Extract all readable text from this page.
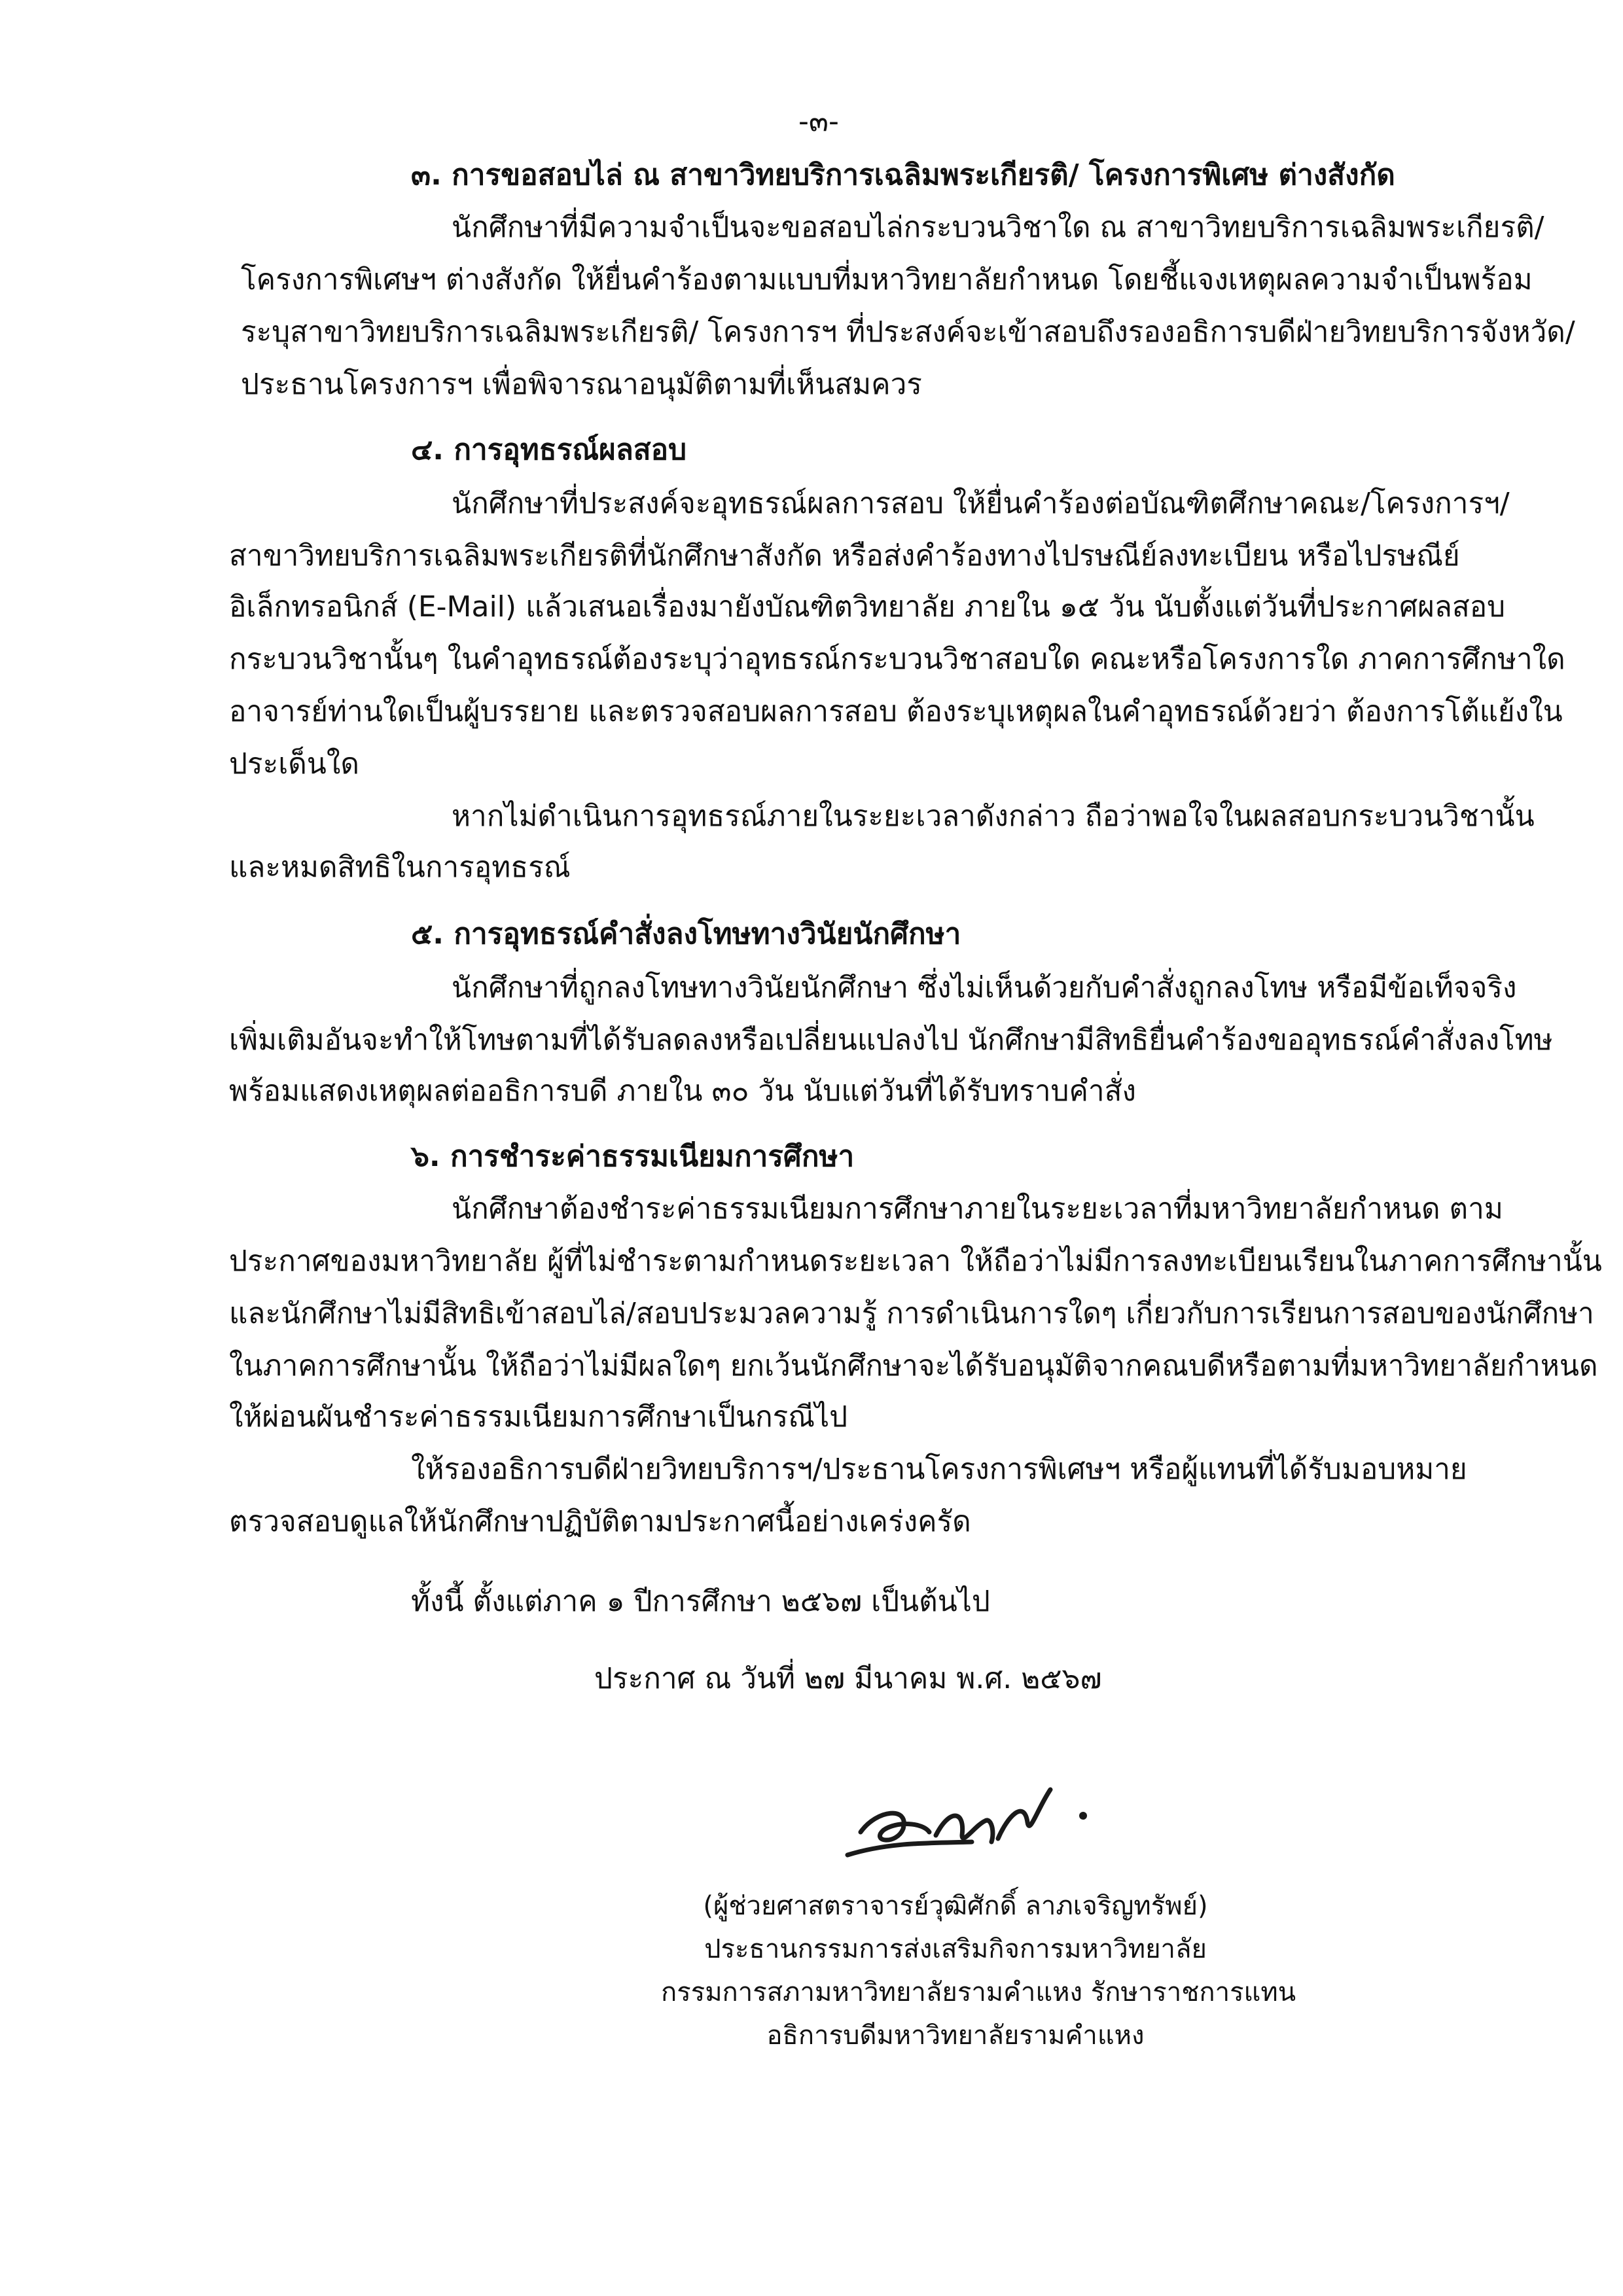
-๓-
๓. การขอสอบไล่ ณ สาขาวิทยบริการเฉลิมพระเกียรติ/ โครงการพิเศษ ต่างสังกัด
นักศึกษาที่มีความจำเป็นจะขอสอบไล่กระบวนวิชาใด ณ สาขาวิทยบริการเฉลิมพระเกียรติ/
โครงการพิเศษฯ ต่างสังกัด ให้ยื่นคำร้องตามแบบที่มหาวิทยาลัยกำหนด โดยชี้แจงเหตุผลความจำเป็นพร้อม
ระบุสาขาวิทยบริการเฉลิมพระเกียรติ/ โครงการฯ ที่ประสงค์จะเข้าสอบถึงรองอธิการบดีฝ่ายวิทยบริการจังหวัด/
ประธานโครงการฯ เพื่อพิจารณาอนุมัติตามที่เห็นสมควร
๔. การอุทธรณ์ผลสอบ
นักศึกษาที่ประสงค์จะอุทธรณ์ผลการสอบ ให้ยื่นคำร้องต่อบัณฑิตศึกษาคณะ/โครงการฯ/
สาขาวิทยบริการเฉลิมพระเกียรติที่นักศึกษาสังกัด หรือส่งคำร้องทางไปรษณีย์ลงทะเบียน หรือไปรษณีย์
อิเล็กทรอนิกส์ (E-Mail) แล้วเสนอเรื่องมายังบัณฑิตวิทยาลัย ภายใน ๑๕ วัน นับตั้งแต่วันที่ประกาศผลสอบ
กระบวนวิชานั้นๆ ในคำอุทธรณ์ต้องระบุว่าอุทธรณ์กระบวนวิชาสอบใด คณะหรือโครงการใด ภาคการศึกษาใด
อาจารย์ท่านใดเป็นผู้บรรยาย และตรวจสอบผลการสอบ ต้องระบุเหตุผลในคำอุทธรณ์ด้วยว่า ต้องการโต้แย้งใน
ประเด็นใด
หากไม่ดำเนินการอุทธรณ์ภายในระยะเวลาดังกล่าว ถือว่าพอใจในผลสอบกระบวนวิชานั้น
และหมดสิทธิในการอุทธรณ์
๕. การอุทธรณ์คำสั่งลงโทษทางวินัยนักศึกษา
นักศึกษาที่ถูกลงโทษทางวินัยนักศึกษา ซึ่งไม่เห็นด้วยกับคำสั่งถูกลงโทษ หรือมีข้อเท็จจริง
เพิ่มเติมอันจะทำให้โทษตามที่ได้รับลดลงหรือเปลี่ยนแปลงไป นักศึกษามีสิทธิยื่นคำร้องขออุทธรณ์คำสั่งลงโทษ
พร้อมแสดงเหตุผลต่ออธิการบดี ภายใน ๓๐ วัน นับแต่วันที่ได้รับทราบคำสั่ง
๖. การชำระค่าธรรมเนียมการศึกษา
นักศึกษาต้องชำระค่าธรรมเนียมการศึกษาภายในระยะเวลาที่มหาวิทยาลัยกำหนด ตาม
ประกาศของมหาวิทยาลัย ผู้ที่ไม่ชำระตามกำหนดระยะเวลา ให้ถือว่าไม่มีการลงทะเบียนเรียนในภาคการศึกษานั้น
และนักศึกษาไม่มีสิทธิเข้าสอบไล่/สอบประมวลความรู้ การดำเนินการใดๆ เกี่ยวกับการเรียนการสอบของนักศึกษา
ในภาคการศึกษานั้น ให้ถือว่าไม่มีผลใดๆ ยกเว้นนักศึกษาจะได้รับอนุมัติจากคณบดีหรือตามที่มหาวิทยาลัยกำหนด
ให้ผ่อนผันชำระค่าธรรมเนียมการศึกษาเป็นกรณีไป
ให้รองอธิการบดีฝ่ายวิทยบริการฯ/ประธานโครงการพิเศษฯ หรือผู้แทนที่ได้รับมอบหมาย
ตรวจสอบดูแลให้นักศึกษาปฏิบัติตามประกาศนี้อย่างเคร่งครัด
ทั้งนี้ ตั้งแต่ภาค ๑ ปีการศึกษา ๒๕๖๗ เป็นต้นไป
ประกาศ ณ วันที่ ๒๗ มีนาคม พ.ศ. ๒๕๖๗
(ผู้ช่วยศาสตราจารย์วุฒิศักดิ์ ลาภเจริญทรัพย์)
ประธานกรรมการส่งเสริมกิจการมหาวิทยาลัย
กรรมการสภามหาวิทยาลัยรามคำแหง รักษาราชการแทน
อธิการบดีมหาวิทยาลัยรามคำแหง
